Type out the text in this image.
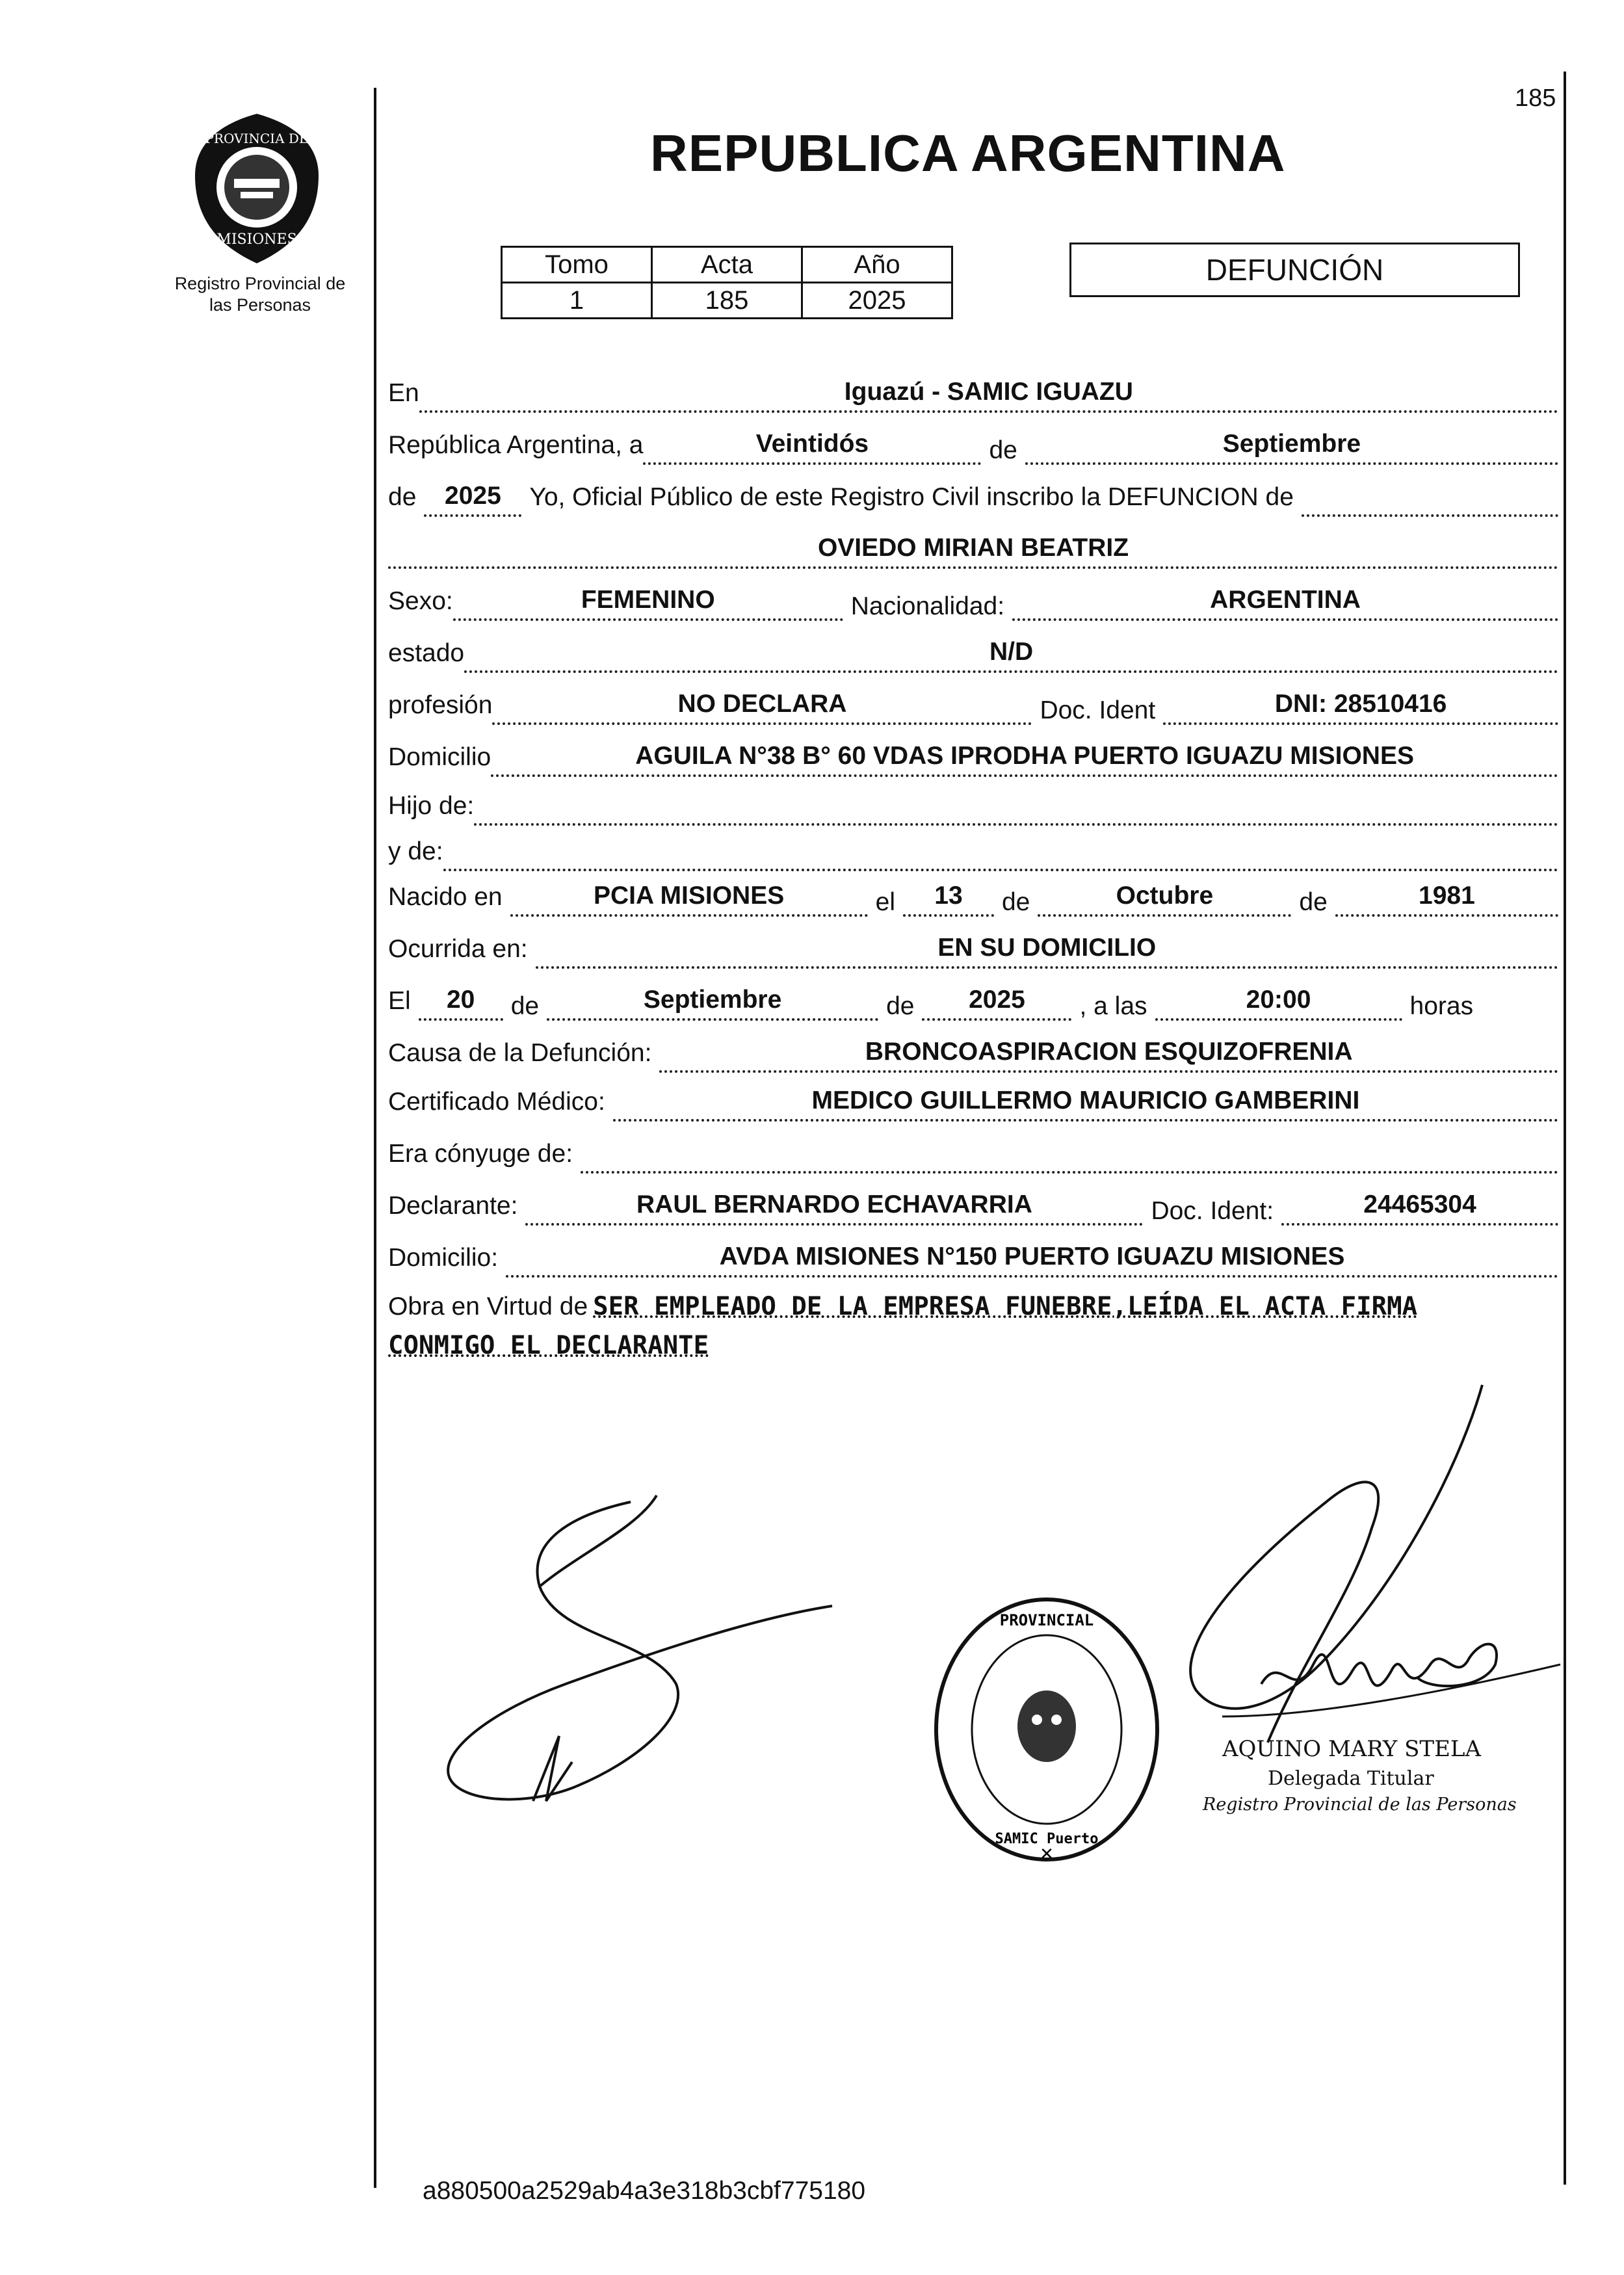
185
PROVINCIA DE
MISIONES
Registro Provincial de
las Personas
REPUBLICA ARGENTINA
Tomo	Acta	Año
1	185	2025
DEFUNCIÓN
En	Iguazú - SAMIC IGUAZU
República Argentina, a	Veintidós	de	Septiembre
de	2025	Yo, Oficial Público de este Registro Civil inscribo la DEFUNCION de
OVIEDO MIRIAN BEATRIZ
Sexo:	FEMENINO	Nacionalidad:	ARGENTINA
estado	N/D
profesión	NO DECLARA	Doc. Ident	DNI: 28510416
Domicilio	AGUILA N°38 B° 60 VDAS IPRODHA PUERTO IGUAZU MISIONES
Hijo de:
y de:
Nacido en	PCIA MISIONES	el	13	de	Octubre	de	1981
Ocurrida en:	EN SU DOMICILIO
El	20	de	Septiembre	de	2025	, a las	20:00	horas
Causa de la Defunción:	BRONCOASPIRACION ESQUIZOFRENIA
Certificado Médico:	MEDICO GUILLERMO MAURICIO GAMBERINI
Era cónyuge de:
Declarante:	RAUL BERNARDO ECHAVARRIA	Doc. Ident:	24465304
Domicilio:	AVDA MISIONES N°150 PUERTO IGUAZU MISIONES
Obra en Virtud de SER EMPLEADO DE LA EMPRESA FUNEBRE,LEÍDA EL ACTA FIRMA
CONMIGO EL DECLARANTE
PROVINCIAL
SAMIC Puerto
✕
AQUINO MARY STELA
Delegada Titular
Registro Provincial de las Personas
a880500a2529ab4a3e318b3cbf775180
